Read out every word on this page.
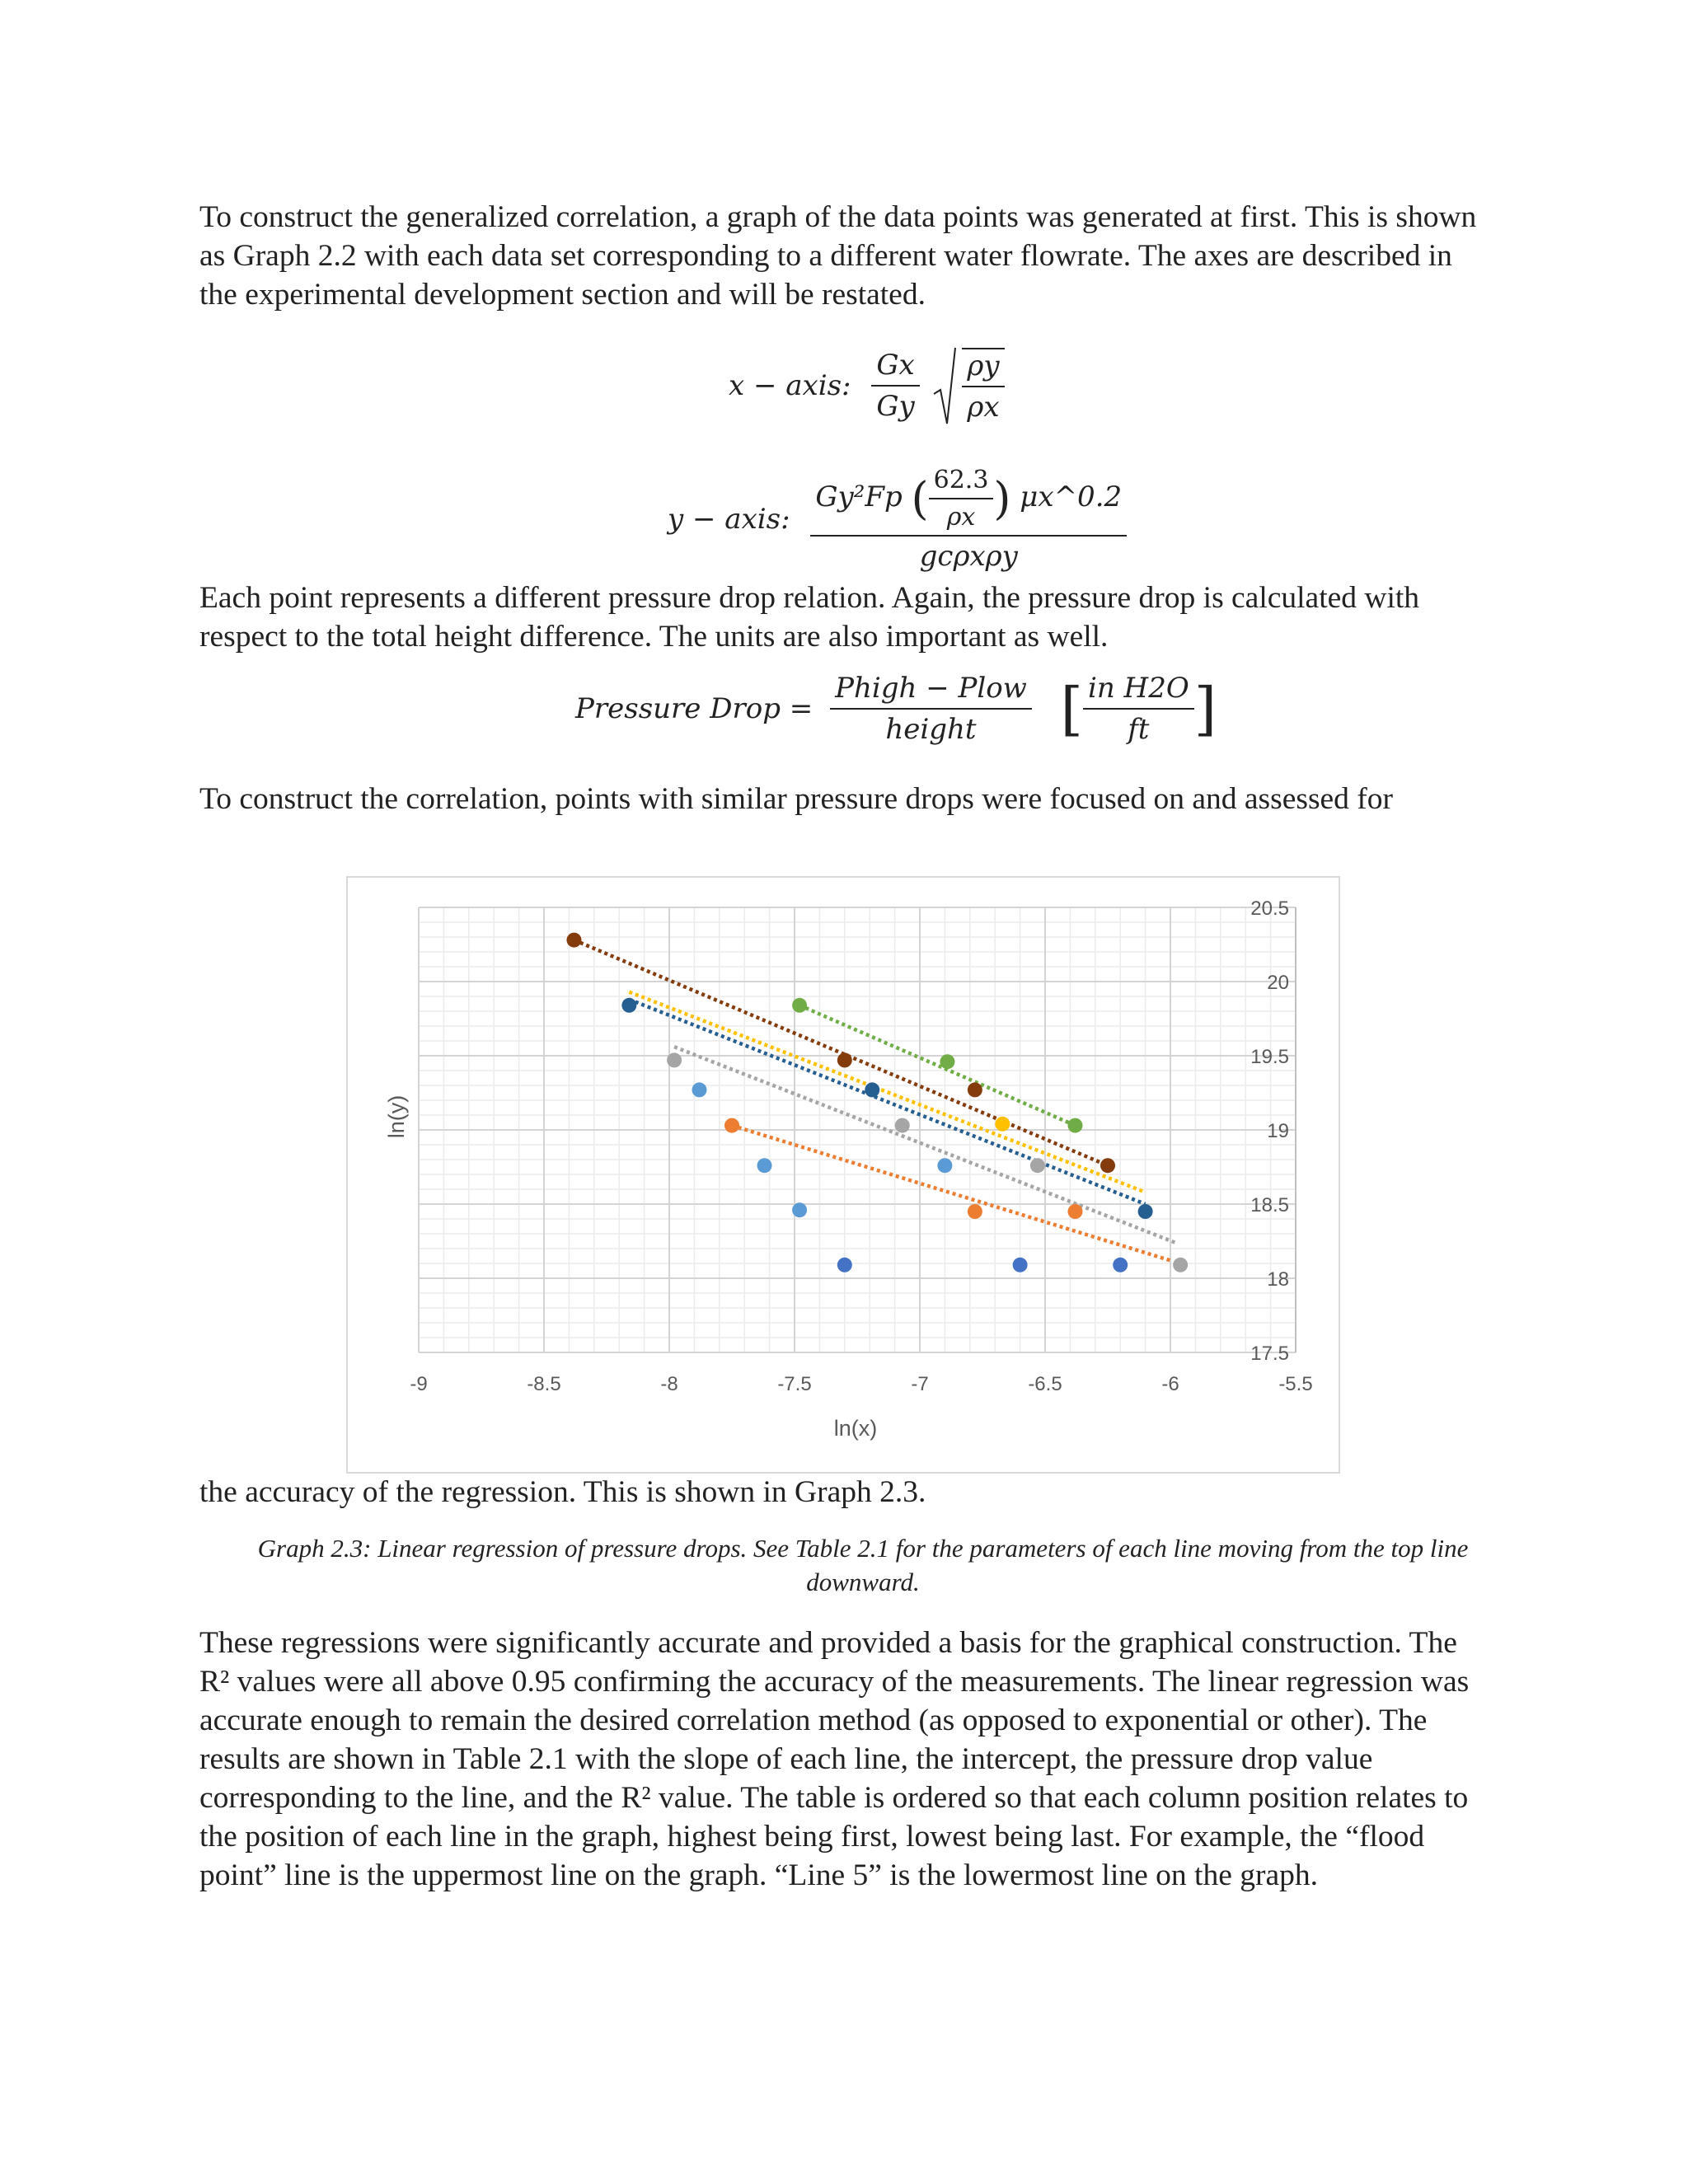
To construct the generalized correlation, a graph of the data points was generated at first. This is shown as Graph 2.2 with each data set corresponding to a different water flowrate. The axes are described in the experimental development section and will be restated.

x − axis: $\frac{Gx}{Gy}$
$\frac{\rho y}{\rho x}$
y − axis: $\frac{Gy^2Fp ( \frac{62.3}{\rho x} ) \mu x\^{}0.2}{\text{gcρxρy}}$

Each point represents a different pressure drop relation. Again, the pressure drop is calculated with respect to the total height difference. The units are also important as well.

Pressure Drop = $\frac{\text{Phigh − Plow}}{\text{height}}$ [ $\frac{\text{in H2O}}{ft}$ ]

To construct the correlation, points with similar pressure drops were focused on and assessed for

-9	-8.5	-8	-7.5	-7	-6.5	-6	-5.5
17.5
18
18.5
19
19.5
20
20.5
ln(x)
ln(y)

the accuracy of the regression. This is shown in Graph 2.3.

Graph 2.3: Linear regression of pressure drops. See Table 2.1 for the parameters of each line moving from the top line downward.

These regressions were significantly accurate and provided a basis for the graphical construction. The R² values were all above 0.95 confirming the accuracy of the measurements. The linear regression was accurate enough to remain the desired correlation method (as opposed to exponential or other). The results are shown in Table 2.1 with the slope of each line, the intercept, the pressure drop value corresponding to the line, and the R² value. The table is ordered so that each column position relates to the position of each line in the graph, highest being first, lowest being last. For example, the “flood point” line is the uppermost line on the graph. “Line 5” is the lowermost line on the graph.
